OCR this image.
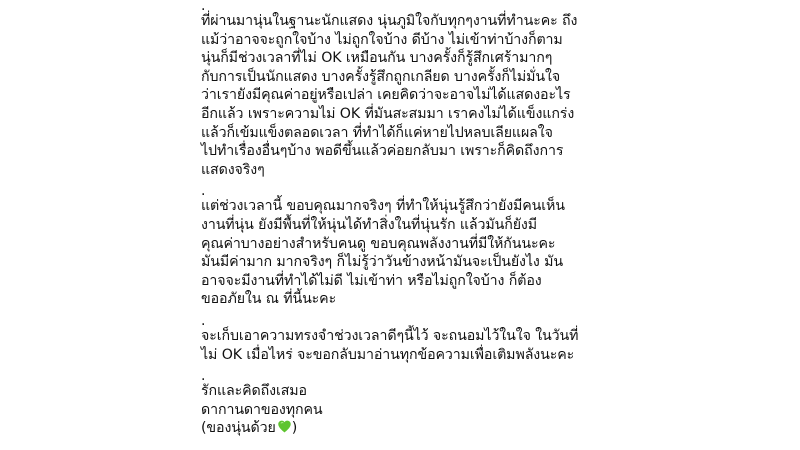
.
ที่ผ่านมานุ่นในฐานะนักแสดง นุ่นภูมิใจกับทุกๆงานที่ทำนะคะ ถึง
แม้ว่าอาจจะถูกใจบ้าง ไม่ถูกใจบ้าง ดีบ้าง ไม่เข้าท่าบ้างก็ตาม
นุ่นก็มีช่วงเวลาที่ไม่ OK เหมือนกัน บางครั้งก็รู้สึกเศร้ามากๆ
กับการเป็นนักแสดง บางครั้งรู้สึกถูกเกลียด บางครั้งก็ไม่มั่นใจ
ว่าเรายังมีคุณค่าอยู่หรือเปล่า เคยคิดว่าจะอาจไม่ได้แสดงอะไร
อีกแล้ว เพราะความไม่ OK ที่มันสะสมมา เราคงไม่ได้แข็งแกร่ง
แล้วก็เข้มแข็งตลอดเวลา ที่ทำได้ก็แค่หายไปหลบเลียแผลใจ
ไปทำเรื่องอื่นๆบ้าง พอดีขึ้นแล้วค่อยกลับมา เพราะก็คิดถึงการ
แสดงจริงๆ
.
แต่ช่วงเวลานี้ ขอบคุณมากจริงๆ ที่ทำให้นุ่นรู้สึกว่ายังมีคนเห็น
งานที่นุ่น ยังมีพื้นที่ให้นุ่นได้ทำสิ่งในที่นุ่นรัก แล้วมันก็ยังมี
คุณค่าบางอย่างสำหรับคนดู ขอบคุณพลังงานที่มีให้กันนะคะ
มันมีค่ามาก มากจริงๆ ก็ไม่รู้ว่าวันข้างหน้ามันจะเป็นยังไง มัน
อาจจะมีงานที่ทำได้ไม่ดี ไม่เข้าท่า หรือไม่ถูกใจบ้าง ก็ต้อง
ขออภัยใน ณ ที่นี้นะคะ
.
จะเก็บเอาความทรงจำช่วงเวลาดีๆนี้ไว้ จะถนอมไว้ในใจ ในวันที่
ไม่ OK เมื่อไหร่ จะขอกลับมาอ่านทุกข้อความเพื่อเติมพลังนะคะ
.
รักและคิดถึงเสมอ
ดากานดาของทุกคน
(ของนุ่นด้วย )
